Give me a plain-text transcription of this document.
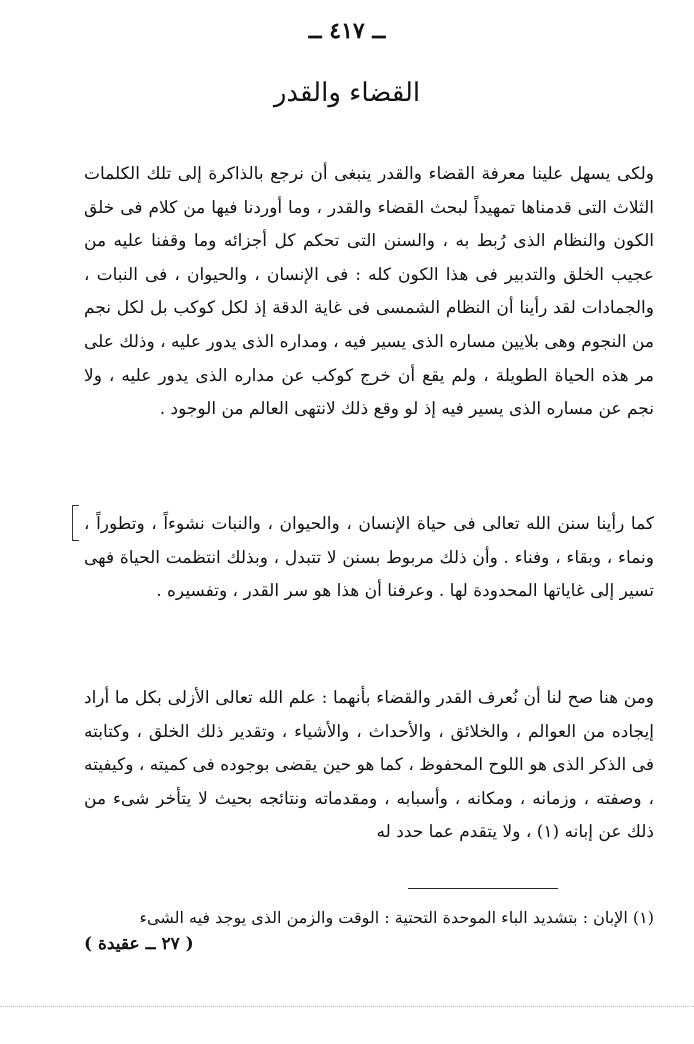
ــ ٤١٧ ــ
القضاء والقدر

ولكى يسهل علينا معرفة القضاء والقدر ينبغى أن نرجع بالذاكرة إلى تلك الكلمات الثلاث التى قدمناها تمهيداً لبحث القضاء والقدر ، وما أوردنا فيها من كلام فى خلق الكون والنظام الذى رُبط به ، والسنن التى تحكم كل أجزائه وما وقفنا عليه من عجيب الخلق والتدبير فى هذا الكون كله : فى الإنسان ، والحيوان ، فى النبات ، والجمادات لقد رأينا أن النظام الشمسى فى غاية الدقة إذ لكل كوكب بل لكل نجم من النجوم وهى بلايين مساره الذى يسير فيه ، ومداره الذى يدور عليه ، وذلك على مر هذه الحياة الطويلة ، ولم يقع أن خرج كوكب عن مداره الذى يدور عليه ، ولا نجم عن مساره الذى يسير فيه إذ لو وقع ذلك لانتهى العالم من الوجود .

كما رأينا سنن الله تعالى فى حياة الإنسان ، والحيوان ، والنبات نشوءاً ، وتطوراً ، ونماء ، وبقاء ، وفناء . وأن ذلك مربوط بسنن لا تتبدل ، وبذلك انتظمت الحياة فهى تسير إلى غاياتها المحدودة لها . وعرفنا أن هذا هو سر القدر ، وتفسيره .

ومن هنا صح لنا أن نُعرف القدر والقضاء بأنهما : علم الله تعالى الأزلى بكل ما أراد إيجاده من العوالم ، والخلائق ، والأحداث ، والأشياء ، وتقدير ذلك الخلق ، وكتابته فى الذكر الذى هو اللوح المحفوظ ، كما هو حين يقضى بوجوده فى كميته ، وكيفيته ، وصفته ، وزمانه ، ومكانه ، وأسبابه ، ومقدماته ونتائجه بحيث لا يتأخر شىء من ذلك عن إبانه (١) ، ولا يتقدم عما حدد له

(١) الإبان : بتشديد الباء الموحدة التحتية : الوقت والزمن الذى يوجد فيه الشىء
( ٢٧ ــ عقيدة )
